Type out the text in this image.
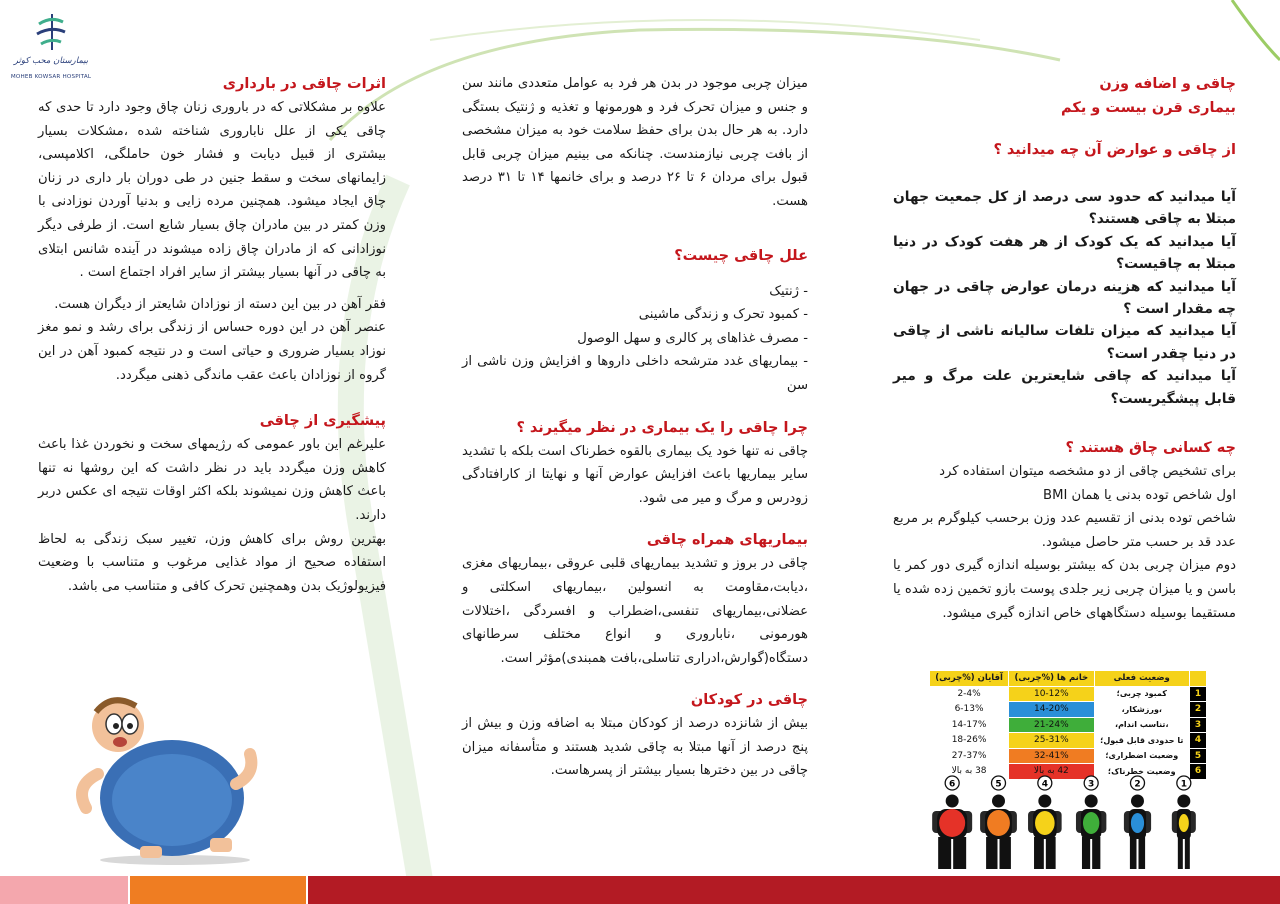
بیمارستان محب کوثر
MOHEB KOWSAR HOSPITAL	چاقی و اضافه وزن

بیماری قرن بیست و یکم

از چاقی و عوارض آن چه میدانید ؟

آیا میدانید که حدود سی درصد از کل جمعیت جهان مبتلا به چاقی هستند؟

آیا میدانید که یک کودک از هر هفت کودک در دنیا مبتلا به چاقیست؟

آیا میدانید که هزینه درمان عوارض چاقی در جهان چه مقدار است ؟

آیا میدانید که میزان تلفات سالیانه ناشی از چاقی در دنیا چقدر است؟

آیا میدانید که چاقی شایعترین علت مرگ و میر قابل پیشگیریست؟

چه کسانی چاق هستند ؟

برای تشخیص چاقی از دو مشخصه میتوان استفاده کرد

اول شاخص توده بدنی یا همان BMI

شاخص توده بدنی از تقسیم عدد وزن برحسب کیلوگرم بر مربع عدد قد بر حسب متر حاصل میشود.

دوم میزان چربی بدن که بیشتر بوسیله اندازه گیری دور کمر یا باسن و یا میزان چربی زیر جلدی پوست بازو تخمین زده شده یا مستقیما بوسیله دستگاههای خاص اندازه گیری میشود.

	وضعیت فعلی	خانم ها (%چربی)	آقایان (%چربی)
1	کمبود چربی؛	10-12%	2-4%
2	،ورزشکار،	14-20%	6-13%
3	،تناسب اندام،	21-24%	14-17%
4	تا حدودی قابل قبول؛	25-31%	18-26%
5	وضعیت اضطراری؛	32-41%	27-37%
6	وضعیت خطرناک؛	42 به بالا	38 به بالا
1
2
3
4
5
6

میزان چربی موجود در بدن هر فرد به عوامل متعددی مانند سن و جنس و میزان تحرک فرد و هورمونها و تغذیه و ژنتیک بستگی دارد. به هر حال بدن برای حفظ سلامت خود به میزان مشخصی از بافت چربی نیازمندست. چنانکه می بینیم میزان چربی قابل قبول برای مردان ۶ تا ۲۶ درصد و برای خانمها ۱۴ تا ۳۱ درصد هست.

علل چاقی چیست؟

- ژنتیک

- کمبود تحرک و زندگی ماشینی

- مصرف غذاهای پر کالری و سهل الوصول

- بیماریهای غدد مترشحه داخلی داروها و افزایش وزن ناشی از سن

چرا چاقی را یک بیماری در نظر میگیرند ؟

چاقی نه تنها خود یک بیماری بالقوه خطرناک است بلکه با تشدید سایر بیماریها باعث افزایش عوارض آنها و نهایتا از کارافتادگی زودرس و مرگ و میر می شود.

بیماریهای همراه چاقی

چاقی در بروز و تشدید بیماریهای قلبی عروقی ،بیماریهای مغزی ،دیابت،مقاومت به انسولین ،بیماریهای اسکلتی و عضلانی،بیماریهای تنفسی،اضطراب و افسردگی ،اختلالات هورمونی ،ناباروری و انواع مختلف سرطانهای دستگاه(گوارش،ادراری تناسلی،بافت همبندی)مؤثر است.

چاقی در کودکان

بیش از شانزده درصد از کودکان مبتلا به اضافه وزن و بیش از پنج درصد از آنها مبتلا به چاقی شدید هستند و متأسفانه میزان چاقی در بین دخترها بسیار بیشتر از پسرهاست.

اثرات چاقی در بارداری

علاوه بر مشکلاتی که در باروری زنان چاق وجود دارد تا حدی که چاقی یکی از علل ناباروری شناخته شده ،مشکلات بسیار بیشتری از قبیل دیابت و فشار خون حاملگی، اکلامپسی، زایمانهای سخت و سقط جنین در طی دوران بار داری در زنان چاق ایجاد میشود. همچنین مرده زایی و بدنیا آوردن نوزادنی با وزن کمتر در بین مادران چاق بسیار شایع است. از طرفی دیگر نوزادانی که از مادران چاق زاده میشوند در آینده شانس ابتلای به چاقی در آنها بسیار بیشتر از سایر افراد اجتماع است .

فقر آهن در بین این دسته از نوزادان شایعتر از دیگران هست.

عنصر آهن در این دوره حساس از زندگی برای رشد و نمو مغز نوزاد بسیار ضروری و حیاتی است و در نتیجه کمبود آهن در این گروه از نوزادان باعث عقب ماندگی ذهنی میگردد.

پیشگیری از چاقی

علیرغم این باور عمومی که رژیمهای سخت و نخوردن غذا باعث کاهش وزن میگردد باید در نظر داشت که این روشها نه تنها باعث کاهش وزن نمیشوند بلکه اکثر اوقات نتیجه ای عکس دربر دارند.

بهترین روش برای کاهش وزن، تغییر سبک زندگی به لحاظ استفاده صحیح از مواد غذایی مرغوب و متناسب با وضعیت فیزیولوژیک بدن وهمچنین تحرک کافی و متناسب می باشد.
